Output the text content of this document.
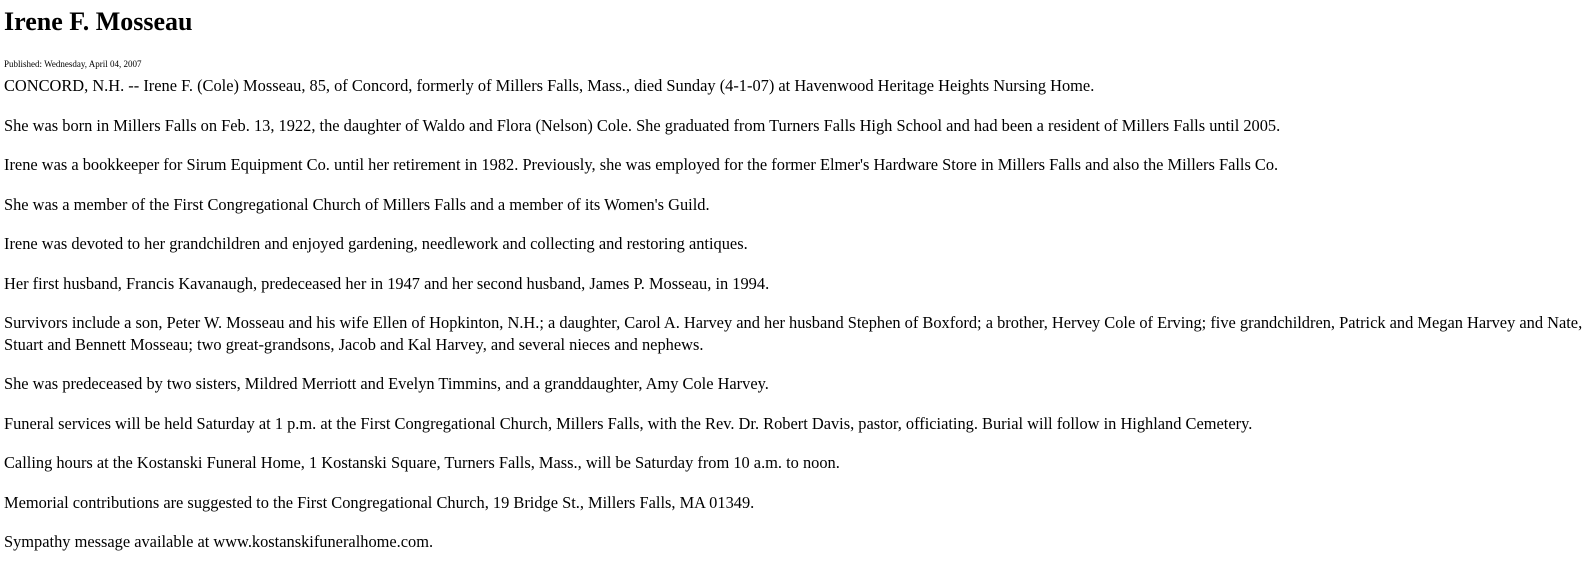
Irene F. Mosseau
Published: Wednesday, April 04, 2007

CONCORD, N.H. -- Irene F. (Cole) Mosseau, 85, of Concord, formerly of Millers Falls, Mass., died Sunday (4-1-07) at Havenwood Heritage Heights Nursing Home.

She was born in Millers Falls on Feb. 13, 1922, the daughter of Waldo and Flora (Nelson) Cole. She graduated from Turners Falls High School and had been a resident of Millers Falls until 2005.

Irene was a bookkeeper for Sirum Equipment Co. until her retirement in 1982. Previously, she was employed for the former Elmer's Hardware Store in Millers Falls and also the Millers Falls Co.

She was a member of the First Congregational Church of Millers Falls and a member of its Women's Guild.

Irene was devoted to her grandchildren and enjoyed gardening, needlework and collecting and restoring antiques.

Her first husband, Francis Kavanaugh, predeceased her in 1947 and her second husband, James P. Mosseau, in 1994.

Survivors include a son, Peter W. Mosseau and his wife Ellen of Hopkinton, N.H.; a daughter, Carol A. Harvey and her husband Stephen of Boxford; a brother, Hervey Cole of Erving; five grandchildren, Patrick and Megan Harvey and Nate, Stuart and Bennett Mosseau; two great-grandsons, Jacob and Kal Harvey, and several nieces and nephews.

She was predeceased by two sisters, Mildred Merriott and Evelyn Timmins, and a granddaughter, Amy Cole Harvey.

Funeral services will be held Saturday at 1 p.m. at the First Congregational Church, Millers Falls, with the Rev. Dr. Robert Davis, pastor, officiating. Burial will follow in Highland Cemetery.

Calling hours at the Kostanski Funeral Home, 1 Kostanski Square, Turners Falls, Mass., will be Saturday from 10 a.m. to noon.

Memorial contributions are suggested to the First Congregational Church, 19 Bridge St., Millers Falls, MA 01349.

Sympathy message available at www.kostanskifuneralhome.com.
